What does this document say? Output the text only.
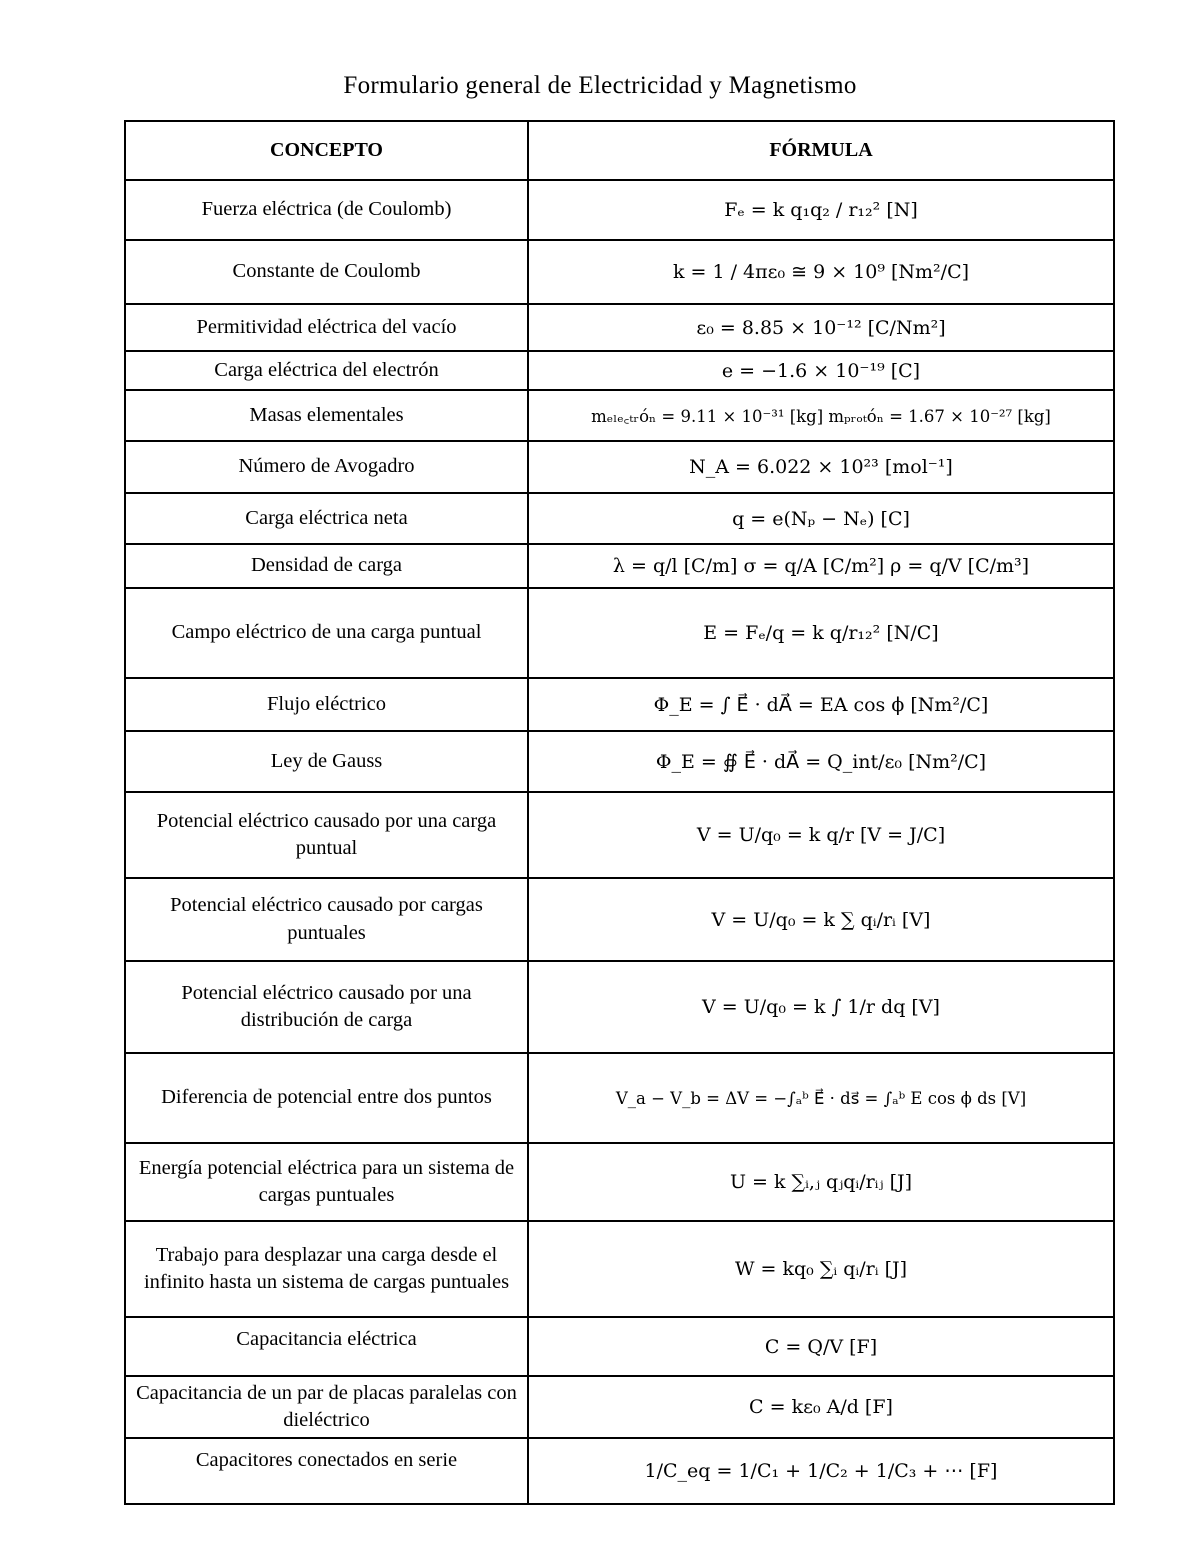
Formulario general de Electricidad y Magnetismo
CONCEPTO	FÓRMULA
Fuerza eléctrica (de Coulomb)	Fₑ = k q₁q₂ / r₁₂² [N]
Constante de Coulomb	k = 1 / 4πε₀ ≅ 9 × 10⁹ [Nm²/C]
Permitividad eléctrica del vacío	ε₀ = 8.85 × 10⁻¹² [C/Nm²]
Carga eléctrica del electrón	e = −1.6 × 10⁻¹⁹ [C]
Masas elementales	mₑₗₑ꜀ₜᵣóₙ = 9.11 × 10⁻³¹ [kg] mₚᵣₒₜóₙ = 1.67 × 10⁻²⁷ [kg]
Número de Avogadro	N_A = 6.022 × 10²³ [mol⁻¹]
Carga eléctrica neta	q = e(Nₚ − Nₑ) [C]
Densidad de carga	λ = q/l [C/m] σ = q/A [C/m²] ρ = q/V [C/m³]
Campo eléctrico de una carga puntual	E = Fₑ/q = k q/r₁₂² [N/C]
Flujo eléctrico	Φ_E = ∫ E⃗ · dA⃗ = EA cos ϕ [Nm²/C]
Ley de Gauss	Φ_E = ∯ E⃗ · dA⃗ = Q_int/ε₀ [Nm²/C]
Potencial eléctrico causado por una carga puntual	V = U/q₀ = k q/r [V = J/C]
Potencial eléctrico causado por cargas puntuales	V = U/q₀ = k ∑ qᵢ/rᵢ [V]
Potencial eléctrico causado por una distribución de carga	V = U/q₀ = k ∫ 1/r dq [V]
Diferencia de potencial entre dos puntos	V_a − V_b = ΔV = −∫ₐᵇ E⃗ · ds⃗ = ∫ₐᵇ E cos ϕ ds [V]
Energía potencial eléctrica para un sistema de cargas puntuales	U = k ∑ᵢ,ⱼ qⱼqᵢ/rᵢⱼ [J]
Trabajo para desplazar una carga desde el infinito hasta un sistema de cargas puntuales	W = kq₀ ∑ᵢ qᵢ/rᵢ [J]
Capacitancia eléctrica	C = Q/V [F]
Capacitancia de un par de placas paralelas con dieléctrico	C = kε₀ A/d [F]
Capacitores conectados en serie	1/C_eq = 1/C₁ + 1/C₂ + 1/C₃ + ⋯ [F]
